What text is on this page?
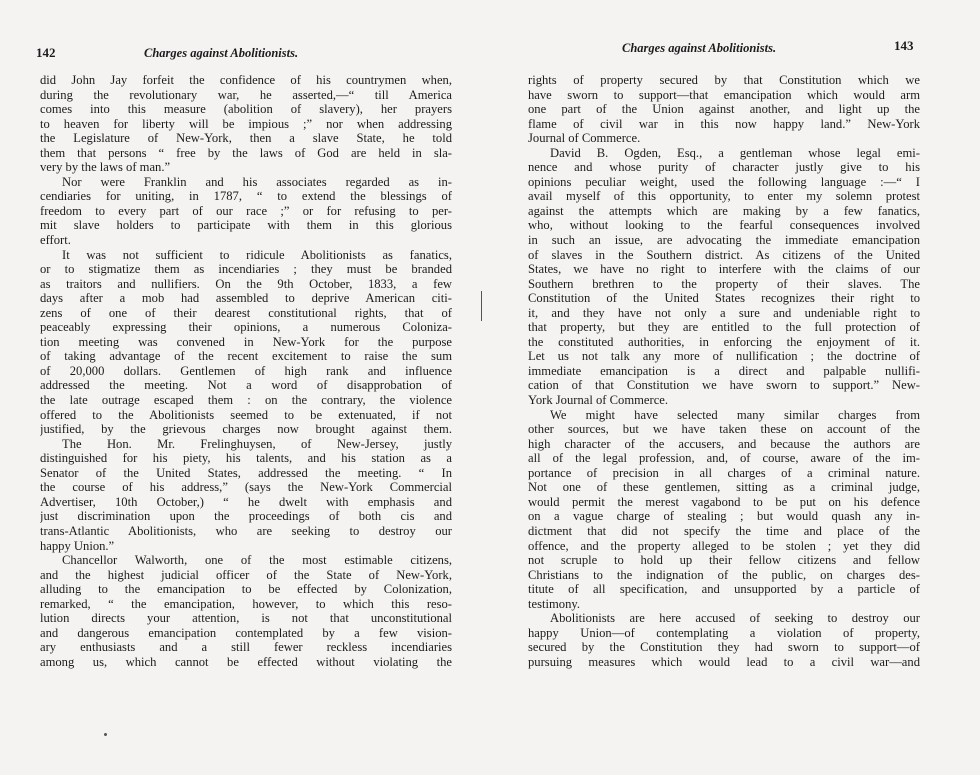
142	Charges against Abolitionists.
did John Jay forfeit the confidence of his countrymen when,
during the revolutionary war, he asserted,—“ till America
comes into this measure (abolition of slavery), her prayers
to heaven for liberty will be impious ;” nor when addressing
the Legislature of New-York, then a slave State, he told
them that persons “ free by the laws of God are held in sla-
very by the laws of man.”
Nor were Franklin and his associates regarded as in-
cendiaries for uniting, in 1787, “ to extend the blessings of
freedom to every part of our race ;” or for refusing to per-
mit slave holders to participate with them in this glorious
effort.
It was not sufficient to ridicule Abolitionists as fanatics,
or to stigmatize them as incendiaries ; they must be branded
as traitors and nullifiers. On the 9th October, 1833, a few
days after a mob had assembled to deprive American citi-
zens of one of their dearest constitutional rights, that of
peaceably expressing their opinions, a numerous Coloniza-
tion meeting was convened in New-York for the purpose
of taking advantage of the recent excitement to raise the sum
of 20,000 dollars. Gentlemen of high rank and influence
addressed the meeting. Not a word of disapprobation of
the late outrage escaped them : on the contrary, the violence
offered to the Abolitionists seemed to be extenuated, if not
justified, by the grievous charges now brought against them.
The Hon. Mr. Frelinghuysen, of New-Jersey, justly
distinguished for his piety, his talents, and his station as a
Senator of the United States, addressed the meeting. “ In
the course of his address,” (says the New-York Commercial
Advertiser, 10th October,) “ he dwelt with emphasis and
just discrimination upon the proceedings of both cis and
trans-Atlantic Abolitionists, who are seeking to destroy our
happy Union.”
Chancellor Walworth, one of the most estimable citizens,
and the highest judicial officer of the State of New-York,
alluding to the emancipation to be effected by Colonization,
remarked, “ the emancipation, however, to which this reso-
lution directs your attention, is not that unconstitutional
and dangerous emancipation contemplated by a few vision-
ary enthusiasts and a still fewer reckless incendiaries
among us, which cannot be effected without violating the
Charges against Abolitionists.	143
rights of property secured by that Constitution which we
have sworn to support—that emancipation which would arm
one part of the Union against another, and light up the
flame of civil war in this now happy land.” New-York
Journal of Commerce.
David B. Ogden, Esq., a gentleman whose legal emi-
nence and whose purity of character justly give to his
opinions peculiar weight, used the following language :—“ I
avail myself of this opportunity, to enter my solemn protest
against the attempts which are making by a few fanatics,
who, without looking to the fearful consequences involved
in such an issue, are advocating the immediate emancipation
of slaves in the Southern district. As citizens of the United
States, we have no right to interfere with the claims of our
Southern brethren to the property of their slaves. The
Constitution of the United States recognizes their right to
it, and they have not only a sure and undeniable right to
that property, but they are entitled to the full protection of
the constituted authorities, in enforcing the enjoyment of it.
Let us not talk any more of nullification ; the doctrine of
immediate emancipation is a direct and palpable nullifi-
cation of that Constitution we have sworn to support.” New-
York Journal of Commerce.
We might have selected many similar charges from
other sources, but we have taken these on account of the
high character of the accusers, and because the authors are
all of the legal profession, and, of course, aware of the im-
portance of precision in all charges of a criminal nature.
Not one of these gentlemen, sitting as a criminal judge,
would permit the merest vagabond to be put on his defence
on a vague charge of stealing ; but would quash any in-
dictment that did not specify the time and place of the
offence, and the property alleged to be stolen ; yet they did
not scruple to hold up their fellow citizens and fellow
Christians to the indignation of the public, on charges des-
titute of all specification, and unsupported by a particle of
testimony.
Abolitionists are here accused of seeking to destroy our
happy Union—of contemplating a violation of property,
secured by the Constitution they had sworn to support—of
pursuing measures which would lead to a civil war—and
